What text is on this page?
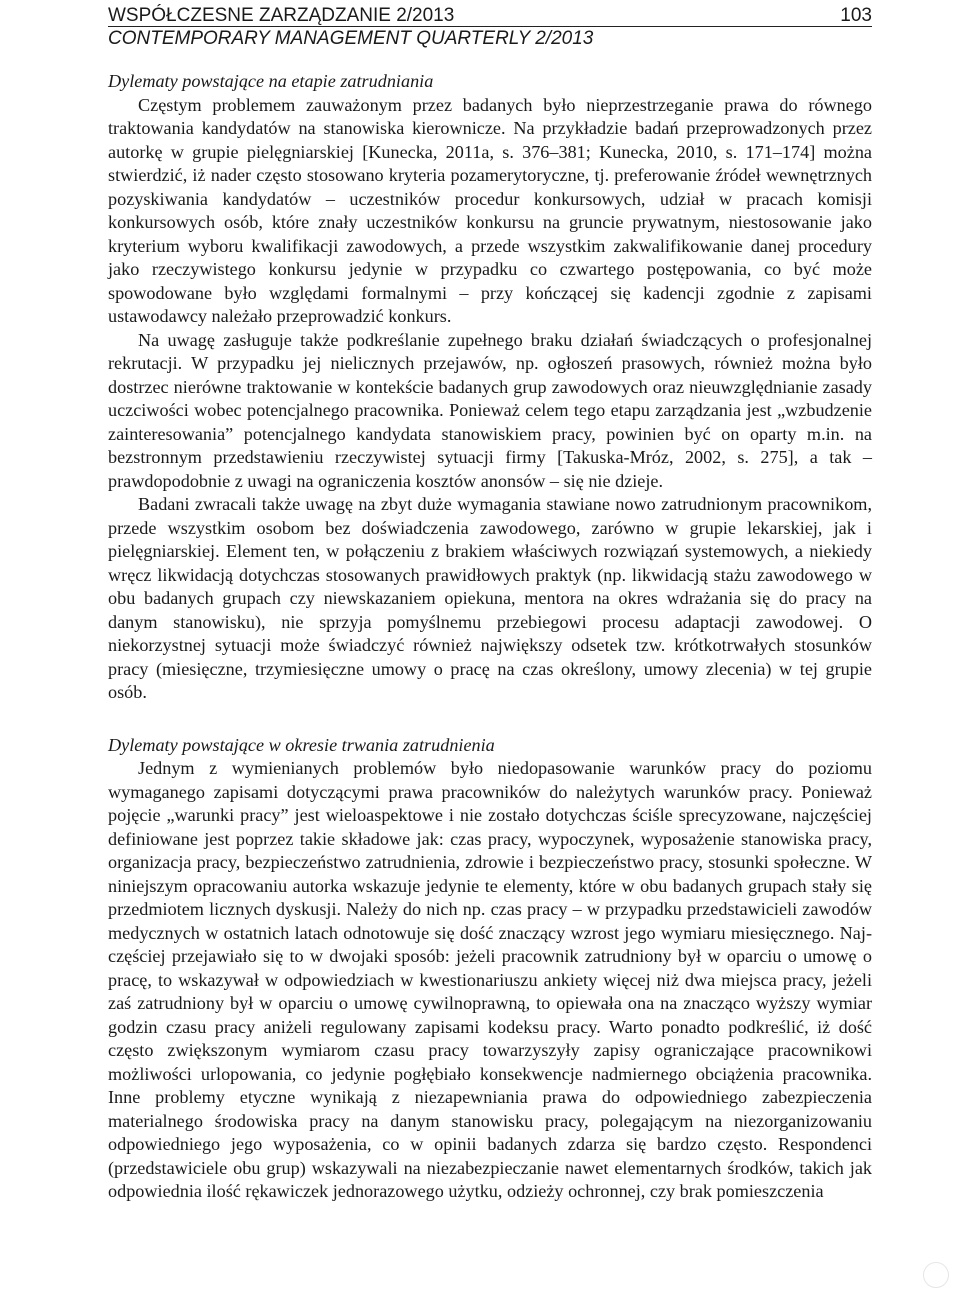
WSPÓŁCZESNE ZARZĄDZANIE 2/2013	103
CONTEMPORARY MANAGEMENT QUARTERLY 2/2013
Dylematy powstające na etapie zatrudniania

Częstym problemem zauważonym przez badanych było nieprzestrzeganie prawa do równego traktowania kandydatów na stanowiska kierownicze. Na przykładzie badań przeprowadzonych przez autorkę w grupie pielęgniarskiej [Kunecka, 2011a, s. 376–381; Kunecka, 2010, s. 171–174] można stwierdzić, iż nader często stosowano kryteria pozamerytoryczne, tj. preferowanie źródeł wewnętrznych pozyskiwania kandydatów – uczestników procedur konkursowych, udział w pracach komisji konkursowych osób, które znały uczestników konkursu na gruncie prywatnym, niestosowanie jako kryterium wyboru kwalifikacji zawodowych, a przede wszystkim zakwalifikowanie danej procedury jako rzeczywistego konkursu jedynie w przypadku co czwartego postępowania, co być może spowodowane było względami formalnymi – przy kończącej się kadencji zgodnie z zapisami ustawodawcy należało przeprowadzić konkurs.

Na uwagę zasługuje także podkreślanie zupełnego braku działań świadczących o profesjonalnej rekrutacji. W przypadku jej nielicznych przejawów, np. ogłoszeń prasowych, również można było dostrzec nierówne traktowanie w kontekście badanych grup zawodowych oraz nieuwzględnianie zasady uczciwości wobec potencjalnego pracownika. Ponieważ celem tego etapu zarządzania jest „wzbudzenie zainteresowania” potencjalnego kandydata stanowiskiem pracy, powinien być on oparty m.in. na bezstronnym przedstawieniu rzeczywistej sytuacji firmy [Takuska-Mróz, 2002, s. 275], a tak – prawdopodobnie z uwagi na ograniczenia kosztów anonsów – się nie dzieje.

Badani zwracali także uwagę na zbyt duże wymagania stawiane nowo zatrudnionym pracownikom, przede wszystkim osobom bez doświadczenia zawodowego, zarówno w grupie lekarskiej, jak i pielęgniarskiej. Element ten, w połączeniu z brakiem właściwych rozwiązań systemowych, a niekiedy wręcz likwidacją dotychczas stosowanych prawidłowych praktyk (np. likwidacją stażu zawodowego w obu badanych grupach czy niewskazaniem opiekuna, mentora na okres wdrażania się do pracy na danym stanowisku), nie sprzyja pomyślnemu przebiegowi procesu adaptacji zawodowej. O niekorzystnej sytuacji może świadczyć również największy odsetek tzw. krótkotrwałych stosunków pracy (miesięczne, trzymiesięczne umowy o pracę na czas określony, umowy zlecenia) w tej grupie osób.

Dylematy powstające w okresie trwania zatrudnienia

Jednym z wymienianych problemów było niedopasowanie warunków pracy do poziomu wymaganego zapisami dotyczącymi prawa pracowników do należytych warunków pracy. Ponieważ pojęcie „warunki pracy” jest wieloaspektowe i nie zostało dotychczas ściśle sprecyzowane, najczęściej definiowane jest poprzez takie składowe jak: czas pracy, wypoczynek, wyposażenie stanowiska pracy, organizacja pracy, bezpieczeństwo zatrudnienia, zdrowie i bezpieczeństwo pracy, stosunki społeczne. W niniejszym opracowaniu autorka wskazuje jedynie te elementy, które w obu badanych grupach stały się przedmiotem licznych dyskusji. Należy do nich np. czas pracy – w przypadku przedstawicieli zawodów medycznych w ostatnich latach odnotowuje się dość znaczący wzrost jego wymiaru miesięcznego. Najczęściej przejawiało się to w dwojaki sposób: jeżeli pracownik zatrudniony był w oparciu o umowę o pracę, to wskazywał w odpowiedziach w kwestionariuszu ankiety więcej niż dwa miejsca pracy, jeżeli zaś zatrudniony był w oparciu o umowę cywilnoprawną, to opiewała ona na znacząco wyższy wymiar godzin czasu pracy aniżeli regulowany zapisami kodeksu pracy. Warto ponadto podkreślić, iż dość często zwiększonym wymiarom czasu pracy towarzyszyły zapisy ograniczające pracownikowi możliwości urlopowania, co jedynie pogłębiało konsekwencje nadmiernego obciążenia pracownika. Inne problemy etyczne wynikają z niezapewniania prawa do odpowiedniego zabezpieczenia materialnego środowiska pracy na danym stanowisku pracy, polegającym na niezorganizowaniu odpowiedniego jego wyposażenia, co w opinii badanych zdarza się bardzo często. Respondenci (przedstawiciele obu grup) wskazywali na niezabezpieczanie nawet elementarnych środków, takich jak odpowiednia ilość rękawiczek jednorazowego użytku, odzieży ochronnej, czy brak pomieszczenia
